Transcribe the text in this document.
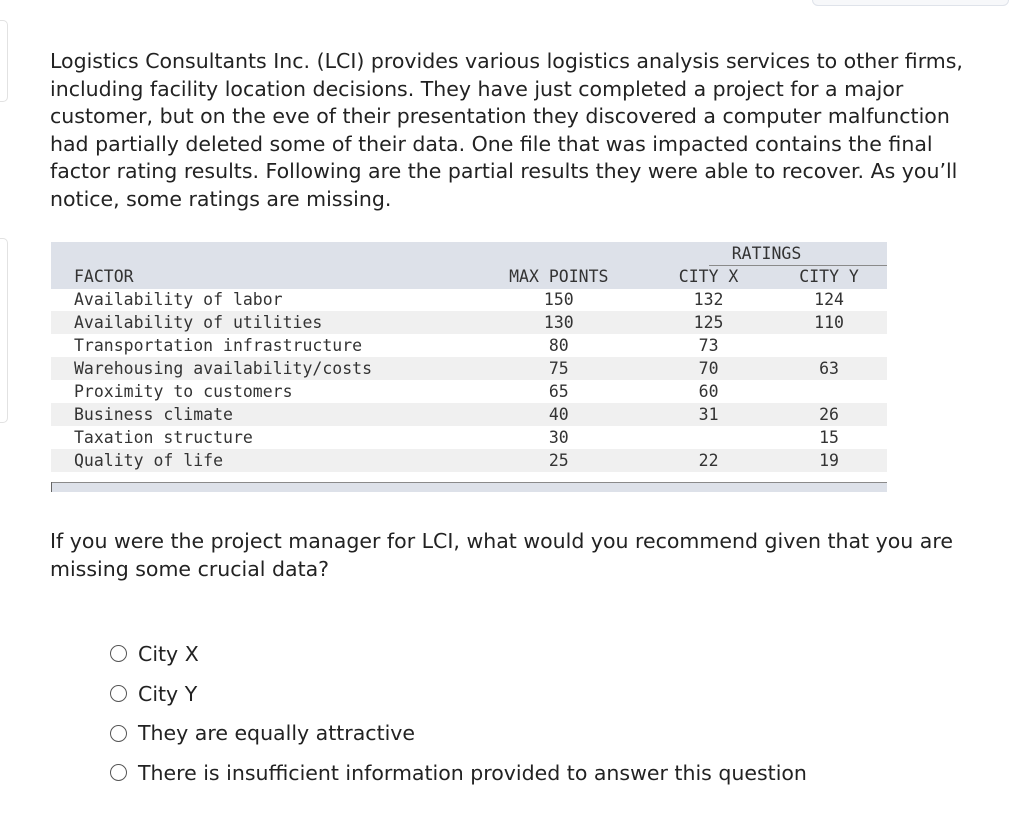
Logistics Consultants Inc. (LCI) provides various logistics analysis services to other firms, including facility location decisions. They have just completed a project for a major customer, but on the eve of their presentation they discovered a computer malfunction had partially deleted some of their data. One file that was impacted contains the final factor rating results. Following are the partial results they were able to recover. As you’ll notice, some ratings are missing.

		RATINGS	
FACTOR	MAX POINTS	CITY X	CITY Y
Availability of labor	150	132	124
Availability of utilities	130	125	110
Transportation infrastructure	80	73	
Warehousing availability/costs	75	70	63
Proximity to customers	65	60	
Business climate	40	31	26
Taxation structure	30		15
Quality of life	25	22	19

If you were the project manager for LCI, what would you recommend given that you are missing some crucial data?

City X
City Y
They are equally attractive
There is insufficient information provided to answer this question
